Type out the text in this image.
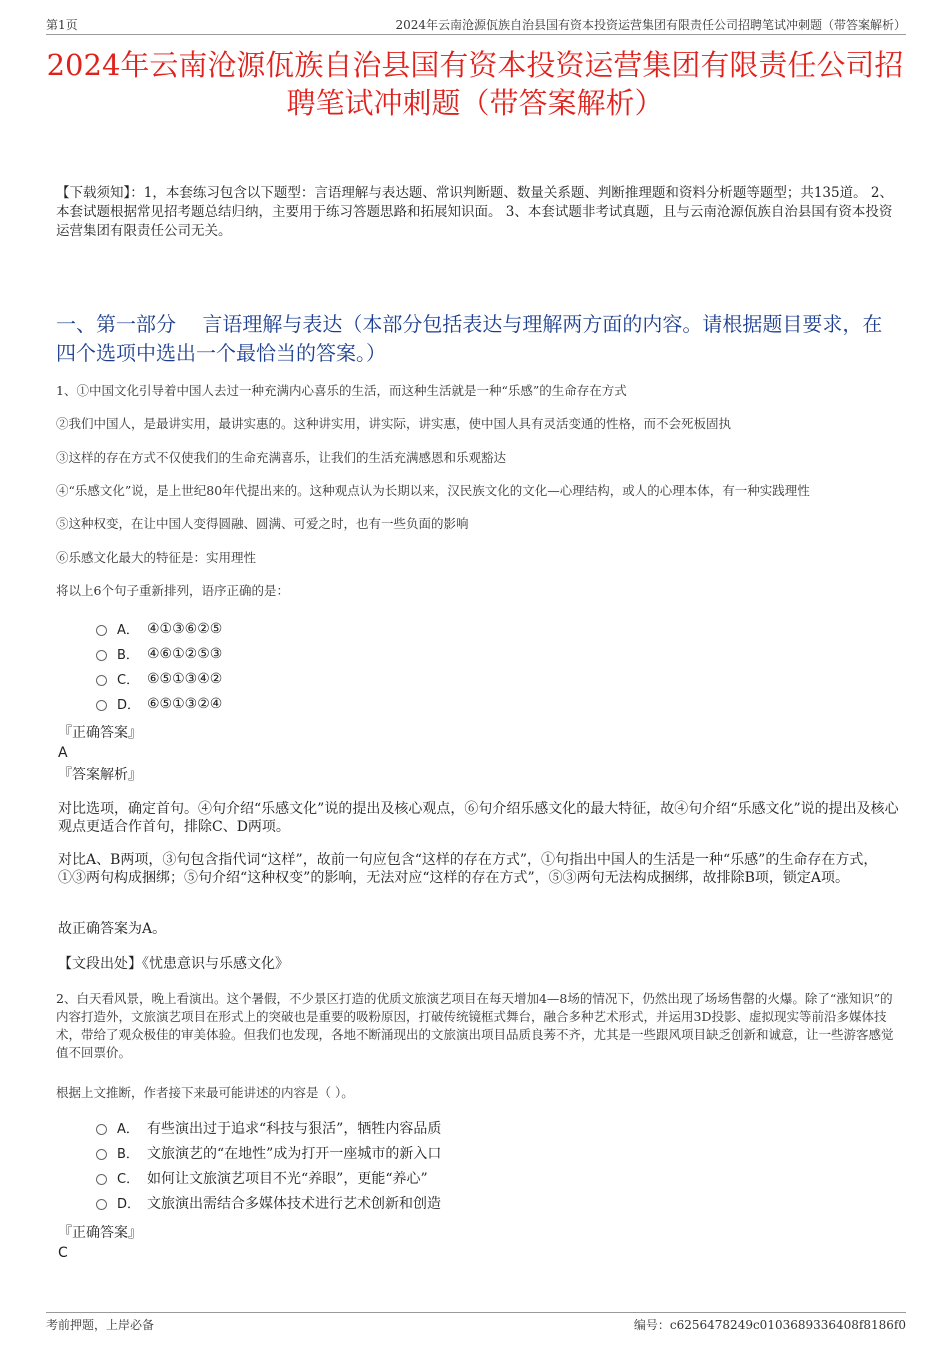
第1页	2024年云南沧源佤族自治县国有资本投资运营集团有限责任公司招聘笔试冲刺题（带答案解析）
2024年云南沧源佤族自治县国有资本投资运营集团有限责任公司招聘笔试冲刺题（带答案解析）
【下载须知】：1，本套练习包含以下题型：言语理解与表达题、常识判断题、数量关系题、判断推理题和资料分析题等题型；共135道。 2、本套试题根据常见招考题总结归纳，主要用于练习答题思路和拓展知识面。 3、本套试题非考试真题，且与云南沧源佤族自治县国有资本投资运营集团有限责任公司无关。
一、第一部分　 言语理解与表达（本部分包括表达与理解两方面的内容。请根据题目要求，在四个选项中选出一个最恰当的答案。）
1、①中国文化引导着中国人去过一种充满内心喜乐的生活，而这种生活就是一种“乐感”的生命存在方式
②我们中国人，是最讲实用，最讲实惠的。这种讲实用，讲实际，讲实惠，使中国人具有灵活变通的性格，而不会死板固执
③这样的存在方式不仅使我们的生命充满喜乐，让我们的生活充满感恩和乐观豁达
④“乐感文化”说，是上世纪80年代提出来的。这种观点认为长期以来，汉民族文化的文化—心理结构，或人的心理本体，有一种实践理性
⑤这种权变，在让中国人变得圆融、圆满、可爱之时，也有一些负面的影响
⑥乐感文化最大的特征是：实用理性
将以上6个句子重新排列，语序正确的是：
A． ④①③⑥②⑤
B． ④⑥①②⑤③
C． ⑥⑤①③④②
D． ⑥⑤①③②④
『正确答案』
A
『答案解析』
对比选项，确定首句。④句介绍“乐感文化”说的提出及核心观点，⑥句介绍乐感文化的最大特征，故④句介绍“乐感文化”说的提出及核心观点更适合作首句，排除C、D两项。
对比A、B两项，③句包含指代词“这样”，故前一句应包含“这样的存在方式”，①句指出中国人的生活是一种“乐感”的生命存在方式，①③两句构成捆绑；⑤句介绍“这种权变”的影响，无法对应“这样的存在方式”，⑤③两句无法构成捆绑，故排除B项，锁定A项。
故正确答案为A。
【文段出处】《忧患意识与乐感文化》
2、白天看风景，晚上看演出。这个暑假，不少景区打造的优质文旅演艺项目在每天增加4—8场的情况下，仍然出现了场场售罄的火爆。除了“涨知识”的内容打造外，文旅演艺项目在形式上的突破也是重要的吸粉原因，打破传统镜框式舞台，融合多种艺术形式，并运用3D投影、虚拟现实等前沿多媒体技术，带给了观众极佳的审美体验。但我们也发现，各地不断涌现出的文旅演出项目品质良莠不齐，尤其是一些跟风项目缺乏创新和诚意，让一些游客感觉值不回票价。
根据上文推断，作者接下来最可能讲述的内容是（ ）。
A． 有些演出过于追求“科技与狠活”，牺牲内容品质
B． 文旅演艺的“在地性”成为打开一座城市的新入口
C． 如何让文旅演艺项目不光“养眼”，更能“养心”
D． 文旅演出需结合多媒体技术进行艺术创新和创造
『正确答案』
C
考前押题，上岸必备	编号：c6256478249c0103689336408f8186f0
